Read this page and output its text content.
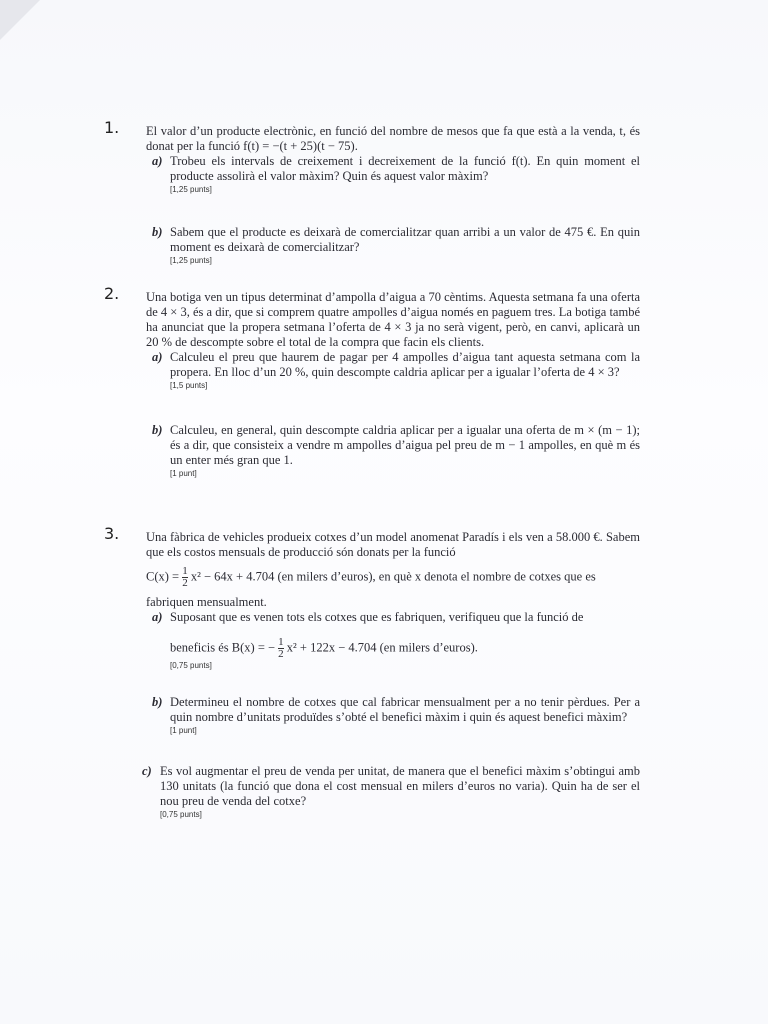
1.	El valor d’un producte electrònic, en funció del nombre de mesos que fa que està a la venda, t, és donat per la funció f(t) = −(t + 25)(t − 75).

a) Trobeu els intervals de creixement i decreixement de la funció f(t). En quin moment el producte assolirà el valor màxim? Quin és aquest valor màxim?
[1,25 punts]
b) Sabem que el producte es deixarà de comercialitzar quan arribi a un valor de 475 €. En quin moment es deixarà de comercialitzar?
[1,25 punts]
2.	Una botiga ven un tipus determinat d’ampolla d’aigua a 70 cèntims. Aquesta setmana fa una oferta de 4 × 3, és a dir, que si comprem quatre ampolles d’aigua només en paguem tres. La botiga també ha anunciat que la propera setmana l’oferta de 4 × 3 ja no serà vigent, però, en canvi, aplicarà un 20 % de descompte sobre el total de la compra que facin els clients.

a) Calculeu el preu que haurem de pagar per 4 ampolles d’aigua tant aquesta setmana com la propera. En lloc d’un 20 %, quin descompte caldria aplicar per a igualar l’oferta de 4 × 3?
[1,5 punts]
b) Calculeu, en general, quin descompte caldria aplicar per a igualar una oferta de m × (m − 1); és a dir, que consisteix a vendre m ampolles d’aigua pel preu de m − 1 ampolles, en què m és un enter més gran que 1.
[1 punt]
3.	Una fàbrica de vehicles produeix cotxes d’un model anomenat Paradís i els ven a 58.000 €. Sabem que els costos mensuals de producció són donats per la funció
$C(x) = \frac{1}{2} x^2 - 64x + 4.704$ (en milers d’euros), en què x denota el nombre de cotxes que es
fabriquen mensualment.

a) Suposant que es venen tots els cotxes que es fabriquen, verifiqueu que la funció de
beneficis és B(x) = − $\frac{1}{2} x^2 + 122x - 4.704$ (en milers d’euros).
[0,75 punts]
b) Determineu el nombre de cotxes que cal fabricar mensualment per a no tenir pèrdues. Per a quin nombre d’unitats produïdes s’obté el benefici màxim i quin és aquest benefici màxim?
[1 punt]
c) Es vol augmentar el preu de venda per unitat, de manera que el benefici màxim s’obtingui amb 130 unitats (la funció que dona el cost mensual en milers d’euros no varia). Quin ha de ser el nou preu de venda del cotxe?
[0,75 punts]
